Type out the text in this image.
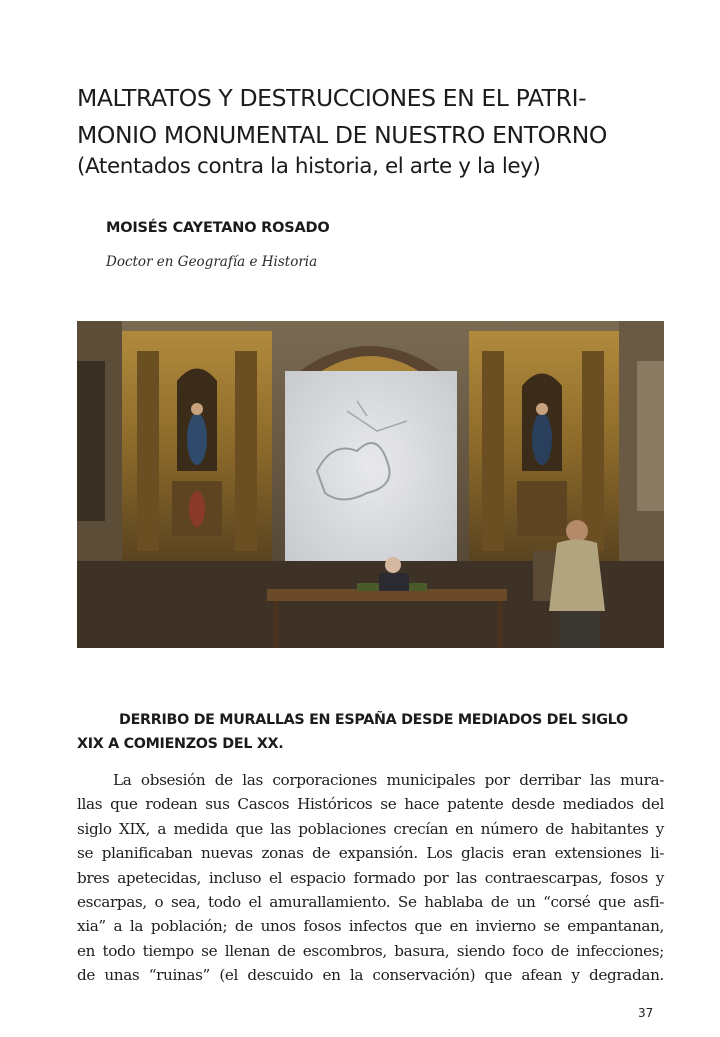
MALTRATOS Y DESTRUCCIONES EN EL PATRI-
MONIO MONUMENTAL DE NUESTRO ENTORNO
(Atentados contra la historia, el arte y la ley)
MOISÉS CAYETANO ROSADO
Doctor en Geografía e Historia
DERRIBO DE MURALLAS EN ESPAÑA DESDE MEDIADOS DEL SIGLO
XIX A COMIENZOS DEL XX.
La obsesión de las corporaciones municipales por derribar las mura-
llas que rodean sus Cascos Históricos se hace patente desde mediados del
siglo XIX, a medida que las poblaciones crecían en número de habitantes y
se planificaban nuevas zonas de expansión. Los glacis eran extensiones li-
bres apetecidas, incluso el espacio formado por las contraescarpas, fosos y
escarpas, o sea, todo el amurallamiento. Se hablaba de un “corsé que asfi-
xia” a la población; de unos fosos infectos que en invierno se empantanan,
en todo tiempo se llenan de escombros, basura, siendo foco de infecciones;
de unas “ruinas” (el descuido en la conservación) que afean y degradan.
37
